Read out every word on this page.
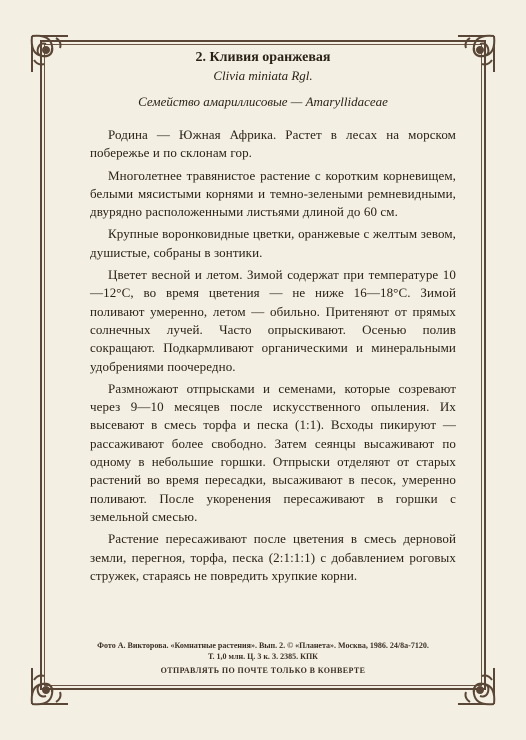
2. Кливия оранжевая
Clivia miniata Rgl.
Семейство амариллисовые — Amaryllidaceae

Родина — Южная Африка. Растет в лесах на морском побережье и по склонам гор.

Многолетнее травянистое растение с коротким корневищем, белыми мясистыми корнями и темно-зелеными ремневидными, двурядно расположенными листьями длиной до 60 см.

Крупные воронковидные цветки, оранжевые с желтым зевом, душистые, собраны в зонтики.

Цветет весной и летом. Зимой содержат при температуре 10—12°С, во время цветения — не ниже 16—18°С. Зимой поливают умеренно, летом — обильно. Притеняют от прямых солнечных лучей. Часто опрыскивают. Осенью полив сокращают. Подкармливают органическими и минеральными удобрениями поочередно.

Размножают отпрысками и семенами, которые созревают через 9—10 месяцев после искусственного опыления. Их высевают в смесь торфа и песка (1:1). Всходы пикируют — рассаживают более свободно. Затем сеянцы высаживают по одному в небольшие горшки. Отпрыски отделяют от старых растений во время пересадки, высаживают в песок, умеренно поливают. После укоренения пересаживают в горшки с земельной смесью.

Растение пересаживают после цветения в смесь дерновой земли, перегноя, торфа, песка (2:1:1:1) с добавлением роговых стружек, стараясь не повредить хрупкие корни.

Фото А. Викторова. «Комнатные растения». Вып. 2. © «Планета». Москва, 1986. 24/8а-7120.
Т. 1,0 млн. Ц. 3 к. З. 2385. КПК
ОТПРАВЛЯТЬ ПО ПОЧТЕ ТОЛЬКО В КОНВЕРТЕ
